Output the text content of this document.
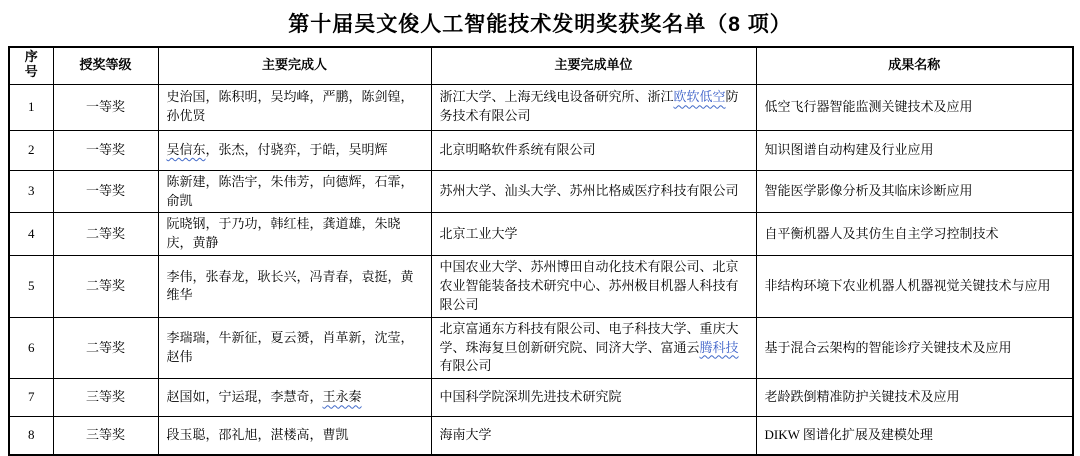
第十届吴文俊人工智能技术发明奖获奖名单（8 项）
序号	授奖等级	主要完成人	主要完成单位	成果名称
1	一等奖	史治国，陈积明，吴均峰，严鹏，陈剑锽，孙优贤	浙江大学、上海无线电设备研究所、浙江欧软低空防务技术有限公司	低空飞行器智能监测关键技术及应用
2	一等奖	吴信东，张杰，付骁弈，于皓，吴明辉	北京明略软件系统有限公司	知识图谱自动构建及行业应用
3	一等奖	陈新建，陈浩宇，朱伟芳，向德辉，石霏，俞凯	苏州大学、汕头大学、苏州比格威医疗科技有限公司	智能医学影像分析及其临床诊断应用
4	二等奖	阮晓钢，于乃功，韩红桂，龚道雄，朱晓庆，黄静	北京工业大学	自平衡机器人及其仿生自主学习控制技术
5	二等奖	李伟，张春龙，耿长兴，冯青春，袁挺，黄维华	中国农业大学、苏州博田自动化技术有限公司、北京农业智能装备技术研究中心、苏州极目机器人科技有限公司	非结构环境下农业机器人机器视觉关键技术与应用
6	二等奖	李瑞瑞，牛新征，夏云赟，肖革新，沈莹，赵伟	北京富通东方科技有限公司、电子科技大学、重庆大学、珠海复旦创新研究院、同济大学、富通云腾科技有限公司	基于混合云架构的智能诊疗关键技术及应用
7	三等奖	赵国如，宁运琨，李慧奇，王永秦	中国科学院深圳先进技术研究院	老龄跌倒精准防护关键技术及应用
8	三等奖	段玉聪，邵礼旭，湛楼高，曹凯	海南大学	DIKW 图谱化扩展及建模处理
